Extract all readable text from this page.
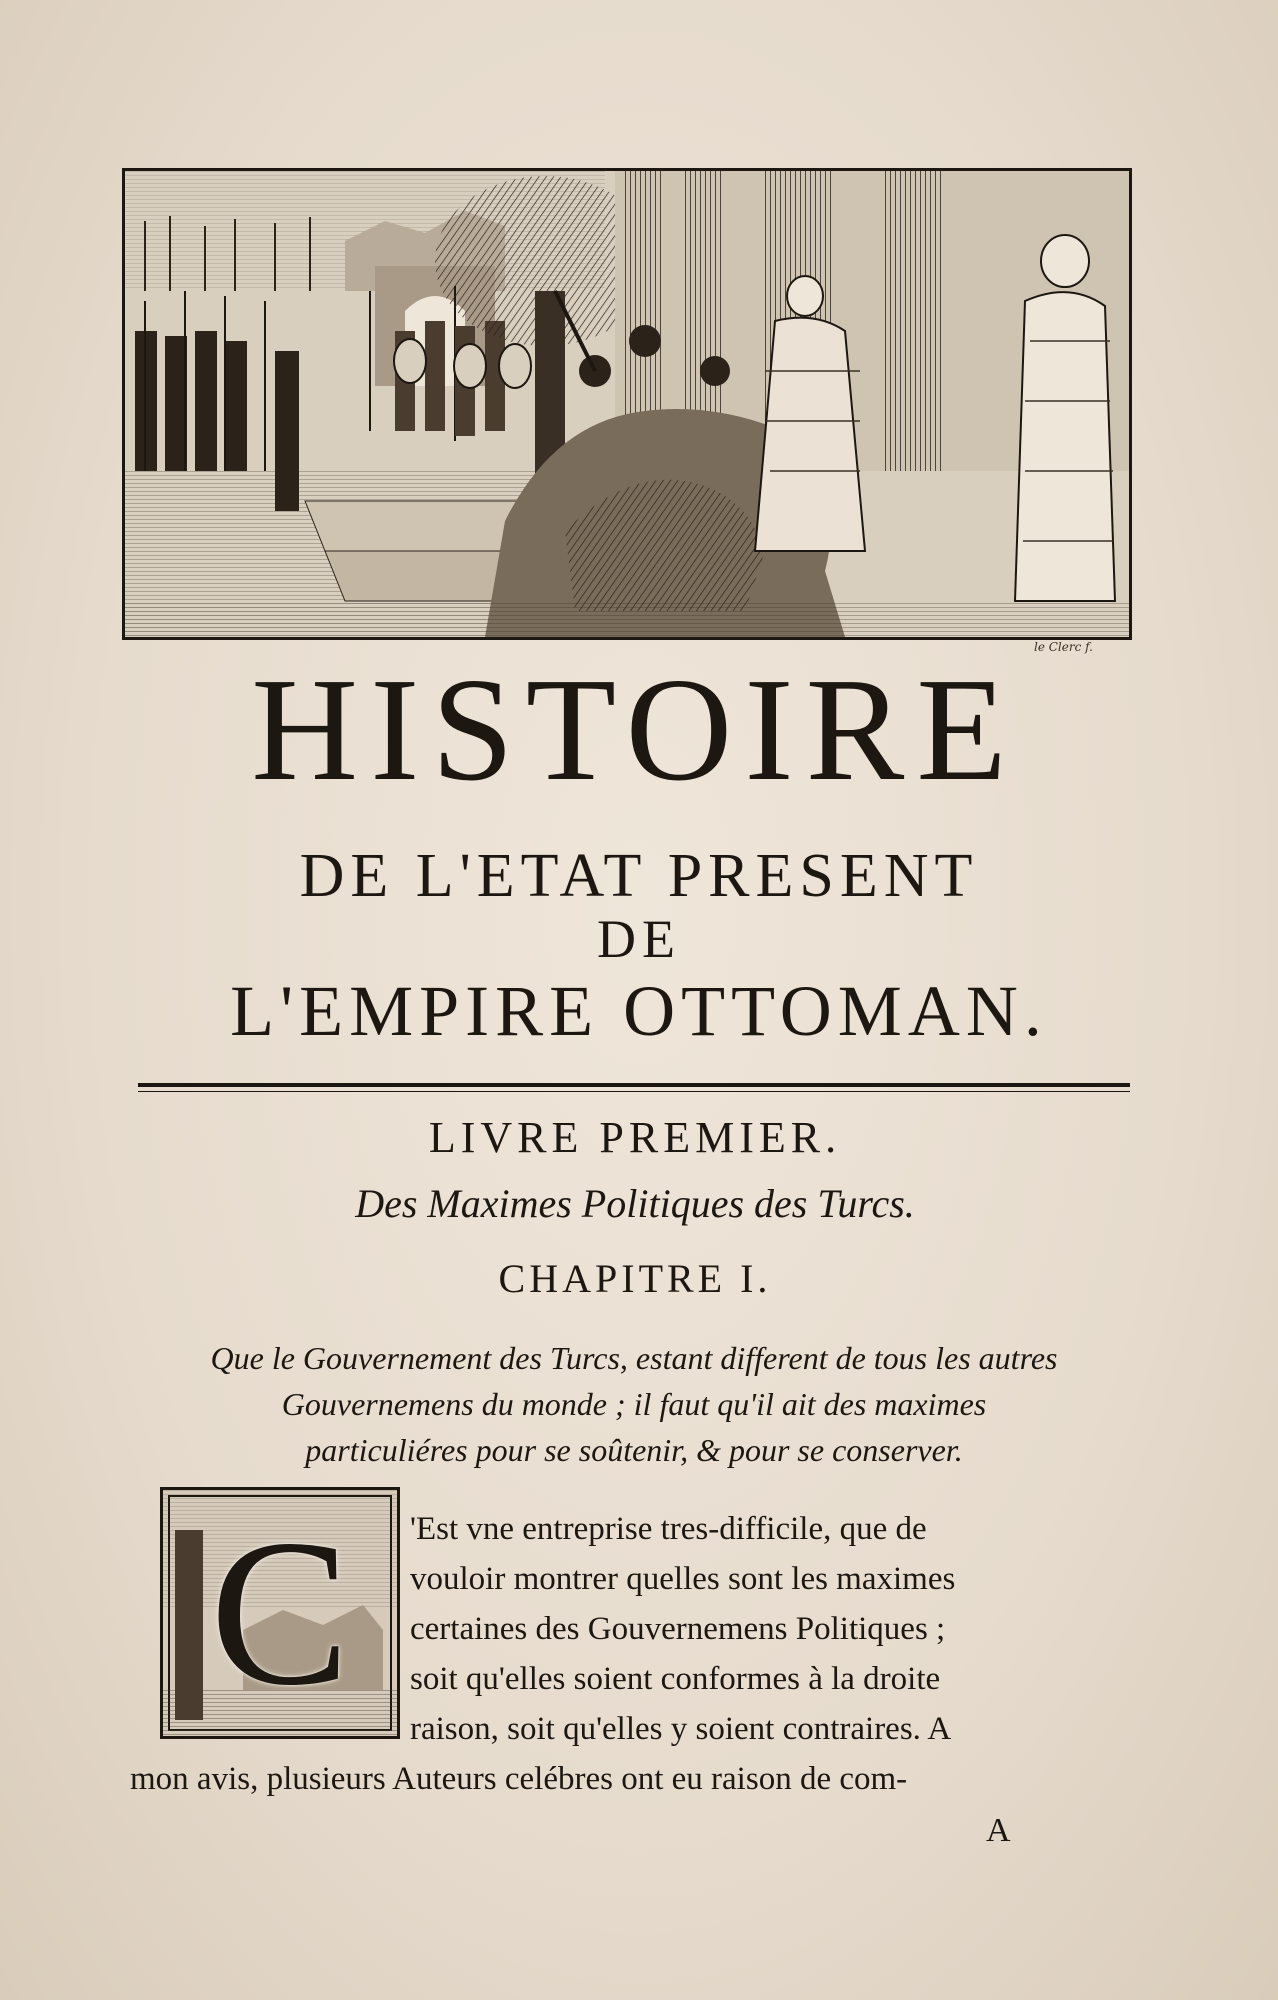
le Clerc f.
HISTOIRE
DE L'ETAT PRESENT
DE
L'EMPIRE OTTOMAN.
LIVRE PREMIER.
Des Maximes Politiques des Turcs.
CHAPITRE I.
Que le Gouvernement des Turcs, estant different de tous les autres
Gouvernemens du monde ; il faut qu'il ait des maximes
particuliéres pour se soûtenir, & pour se conserver.
C	'Est vne entreprise tres-difficile, que de
vouloir montrer quelles sont les maximes
certaines des Gouvernemens Politiques ;
soit qu'elles soient conformes à la droite
raison, soit qu'elles y soient contraires. A
mon avis, plusieurs Auteurs celébres ont eu raison de com-
A
